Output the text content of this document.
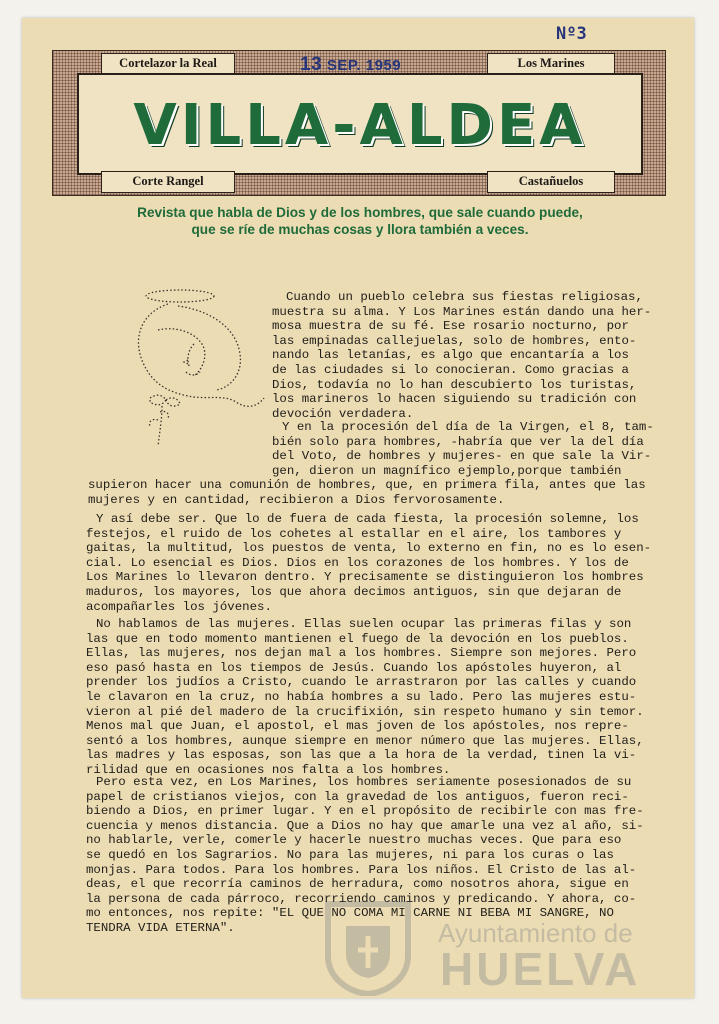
Nº3
Cortelazor la Real	Los Marines
VILLA-ALDEA
Corte Rangel	Castañuelos
13 SEP. 1959
Revista que habla de Dios y de los hombres, que sale cuando puede,
que se ríe de muchas cosas y llora también a veces.
Cuando un pueblo celebra sus fiestas religiosas,
muestra su alma. Y Los Marines están dando una her-
mosa muestra de su fé. Ese rosario nocturno, por
las empinadas callejuelas, solo de hombres, ento-
nando las letanías, es algo que encantaría a los
de las ciudades si lo conocieran. Como gracias a
Dios, todavía no lo han descubierto los turistas,
los marineros lo hacen siguiendo su tradición con
devoción verdadera.
Y en la procesión del día de la Virgen, el 8, tam-
bién solo para hombres, -habría que ver la del día
del Voto, de hombres y mujeres- en que sale la Vir-
gen, dieron un magnífico ejemplo,porque también
supieron hacer una comunión de hombres, que, en primera fila, antes que las
mujeres y en cantidad, recibieron a Dios fervorosamente.
Y así debe ser. Que lo de fuera de cada fiesta, la procesión solemne, los
festejos, el ruido de los cohetes al estallar en el aire, los tambores y
gaitas, la multitud, los puestos de venta, lo externo en fin, no es lo esen-
cial. Lo esencial es Dios. Dios en los corazones de los hombres. Y los de
Los Marines lo llevaron dentro. Y precisamente se distinguieron los hombres
maduros, los mayores, los que ahora decimos antiguos, sin que dejaran de
acompañarles los jóvenes.
No hablamos de las mujeres. Ellas suelen ocupar las primeras filas y son
las que en todo momento mantienen el fuego de la devoción en los pueblos.
Ellas, las mujeres, nos dejan mal a los hombres. Siempre son mejores. Pero
eso pasó hasta en los tiempos de Jesús. Cuando los apóstoles huyeron, al
prender los judíos a Cristo, cuando le arrastraron por las calles y cuando
le clavaron en la cruz, no había hombres a su lado. Pero las mujeres estu-
vieron al pié del madero de la crucifixión, sin respeto humano y sin temor.
Menos mal que Juan, el apostol, el mas joven de los apóstoles, nos repre-
sentó a los hombres, aunque siempre en menor número que las mujeres. Ellas,
las madres y las esposas, son las que a la hora de la verdad, tinen la vi-
rilidad que en ocasiones nos falta a los hombres.
Pero esta vez, en Los Marines, los hombres seriamente posesionados de su
papel de cristianos viejos, con la gravedad de los antiguos, fueron reci-
biendo a Dios, en primer lugar. Y en el propósito de recibirle con mas fre-
cuencia y menos distancia. Que a Dios no hay que amarle una vez al año, si-
no hablarle, verle, comerle y hacerle nuestro muchas veces. Que para eso
se quedó en los Sagrarios. No para las mujeres, ni para los curas o las
monjas. Para todos. Para los hombres. Para los niños. El Cristo de las al-
deas, el que recorría caminos de herradura, como nosotros ahora, sigue en
la persona de cada párroco, recorriendo caminos y predicando. Y ahora, co-
mo entonces, nos repite: "EL QUE NO COMA MI CARNE NI BEBA MI SANGRE, NO
TENDRA VIDA ETERNA".	Ayuntamiento de
HUELVA
